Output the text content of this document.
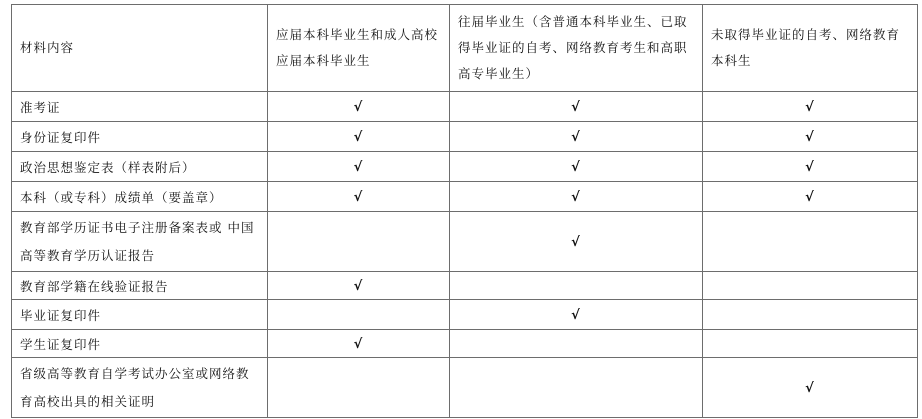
材料内容	应届本科毕业生和成人高校应届本科毕业生	往届毕业生（含普通本科毕业生、已取得毕业证的自考、网络教育考生和高职高专毕业生）	未取得毕业证的自考、网络教育本科生
准考证	√	√	√
身份证复印件	√	√	√
政治思想鉴定表（样表附后）	√	√	√
本科（或专科）成绩单（要盖章）	√	√	√
教育部学历证书电子注册备案表或 中国高等教育学历认证报告		√	
教育部学籍在线验证报告	√		
毕业证复印件		√	
学生证复印件	√		
省级高等教育自学考试办公室或网络教育高校出具的相关证明			√
